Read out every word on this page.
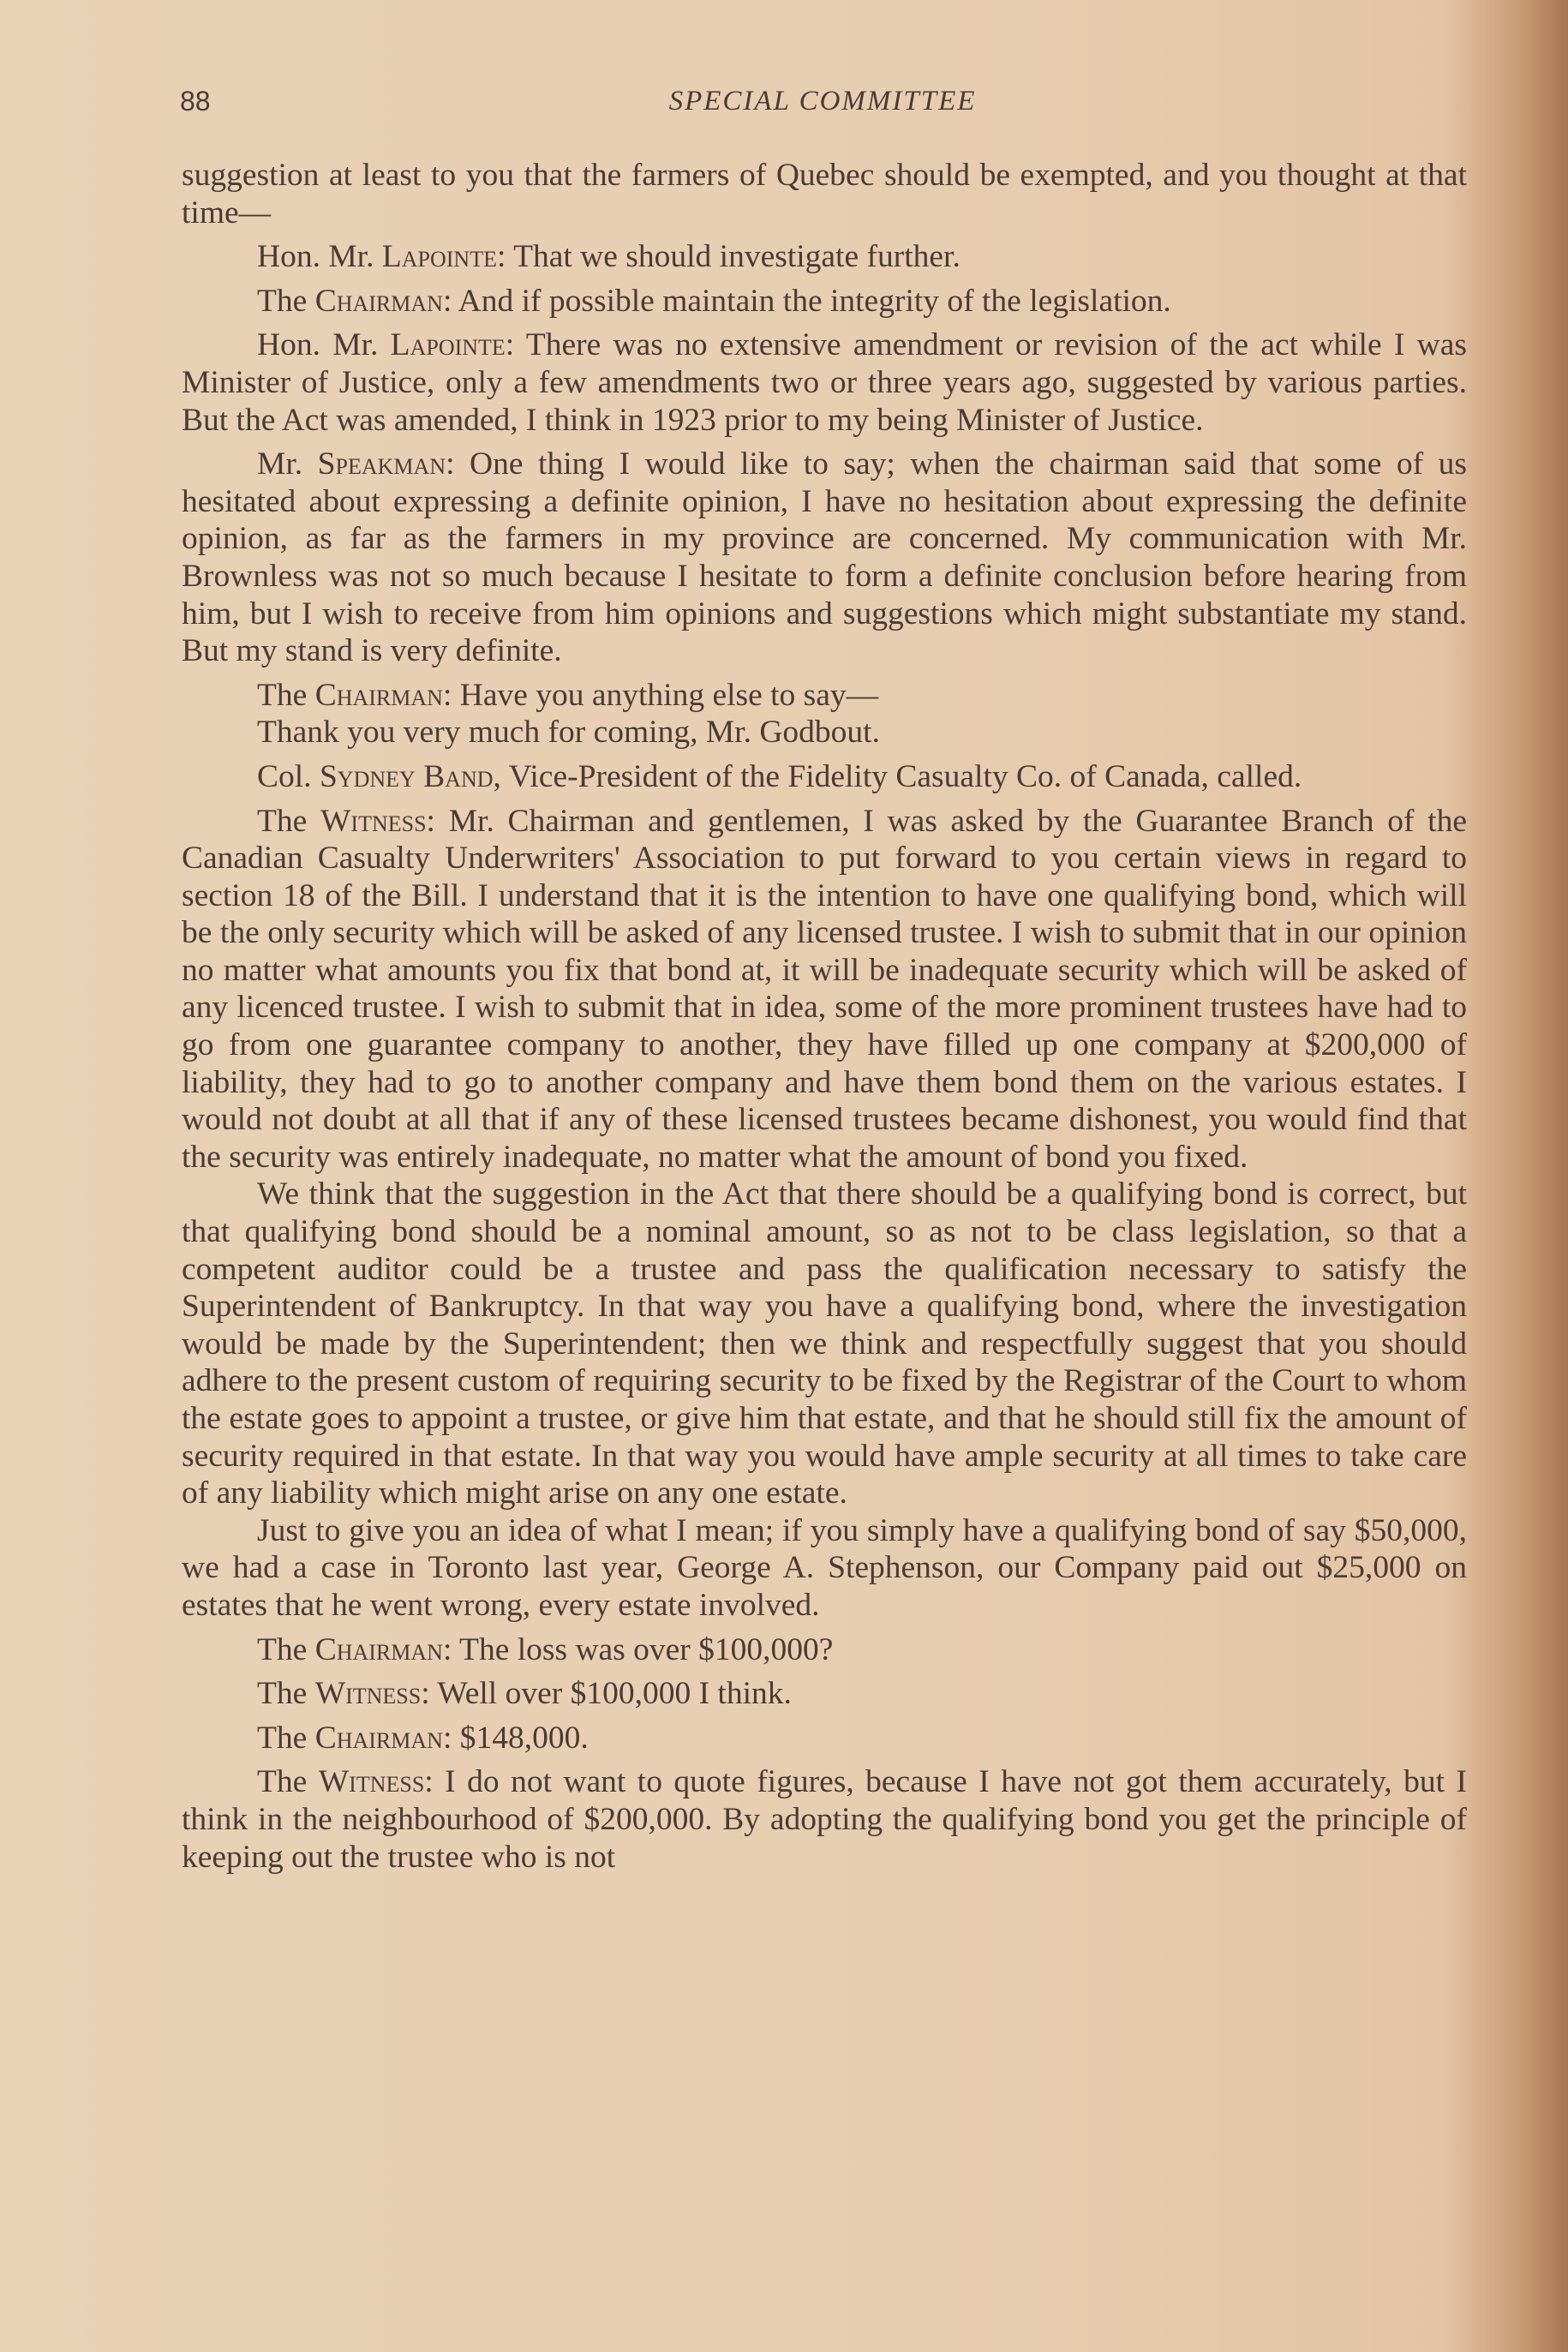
88	SPECIAL COMMITTEE

suggestion at least to you that the farmers of Quebec should be exempted, and you thought at that time—

Hon. Mr. Lapointe: That we should investigate further.

The Chairman: And if possible maintain the integrity of the legislation.

Hon. Mr. Lapointe: There was no extensive amendment or revision of the act while I was Minister of Justice, only a few amendments two or three years ago, suggested by various parties. But the Act was amended, I think in 1923 prior to my being Minister of Justice.

Mr. Speakman: One thing I would like to say; when the chairman said that some of us hesitated about expressing a definite opinion, I have no hesitation about expressing the definite opinion, as far as the farmers in my province are concerned. My communication with Mr. Brownless was not so much because I hesitate to form a definite conclusion before hearing from him, but I wish to receive from him opinions and suggestions which might substantiate my stand. But my stand is very definite.

The Chairman: Have you anything else to say—

Thank you very much for coming, Mr. Godbout.

Col. Sydney Band, Vice-President of the Fidelity Casualty Co. of Canada, called.

The Witness: Mr. Chairman and gentlemen, I was asked by the Guarantee Branch of the Canadian Casualty Underwriters' Association to put forward to you certain views in regard to section 18 of the Bill. I understand that it is the intention to have one qualifying bond, which will be the only security which will be asked of any licensed trustee. I wish to submit that in our opinion no matter what amounts you fix that bond at, it will be inadequate security which will be asked of any licenced trustee. I wish to submit that in idea, some of the more prominent trustees have had to go from one guarantee company to another, they have filled up one company at $200,000 of liability, they had to go to another company and have them bond them on the various estates. I would not doubt at all that if any of these licensed trustees became dishonest, you would find that the security was entirely inadequate, no matter what the amount of bond you fixed.

We think that the suggestion in the Act that there should be a qualifying bond is correct, but that qualifying bond should be a nominal amount, so as not to be class legislation, so that a competent auditor could be a trustee and pass the qualification necessary to satisfy the Superintendent of Bankruptcy. In that way you have a qualifying bond, where the investigation would be made by the Superintendent; then we think and respectfully suggest that you should adhere to the present custom of requiring security to be fixed by the Registrar of the Court to whom the estate goes to appoint a trustee, or give him that estate, and that he should still fix the amount of security required in that estate. In that way you would have ample security at all times to take care of any liability which might arise on any one estate.

Just to give you an idea of what I mean; if you simply have a qualifying bond of say $50,000, we had a case in Toronto last year, George A. Stephenson, our Company paid out $25,000 on estates that he went wrong, every estate involved.

The Chairman: The loss was over $100,000?

The Witness: Well over $100,000 I think.

The Chairman: $148,000.

The Witness: I do not want to quote figures, because I have not got them accurately, but I think in the neighbourhood of $200,000. By adopting the qualifying bond you get the principle of keeping out the trustee who is not
